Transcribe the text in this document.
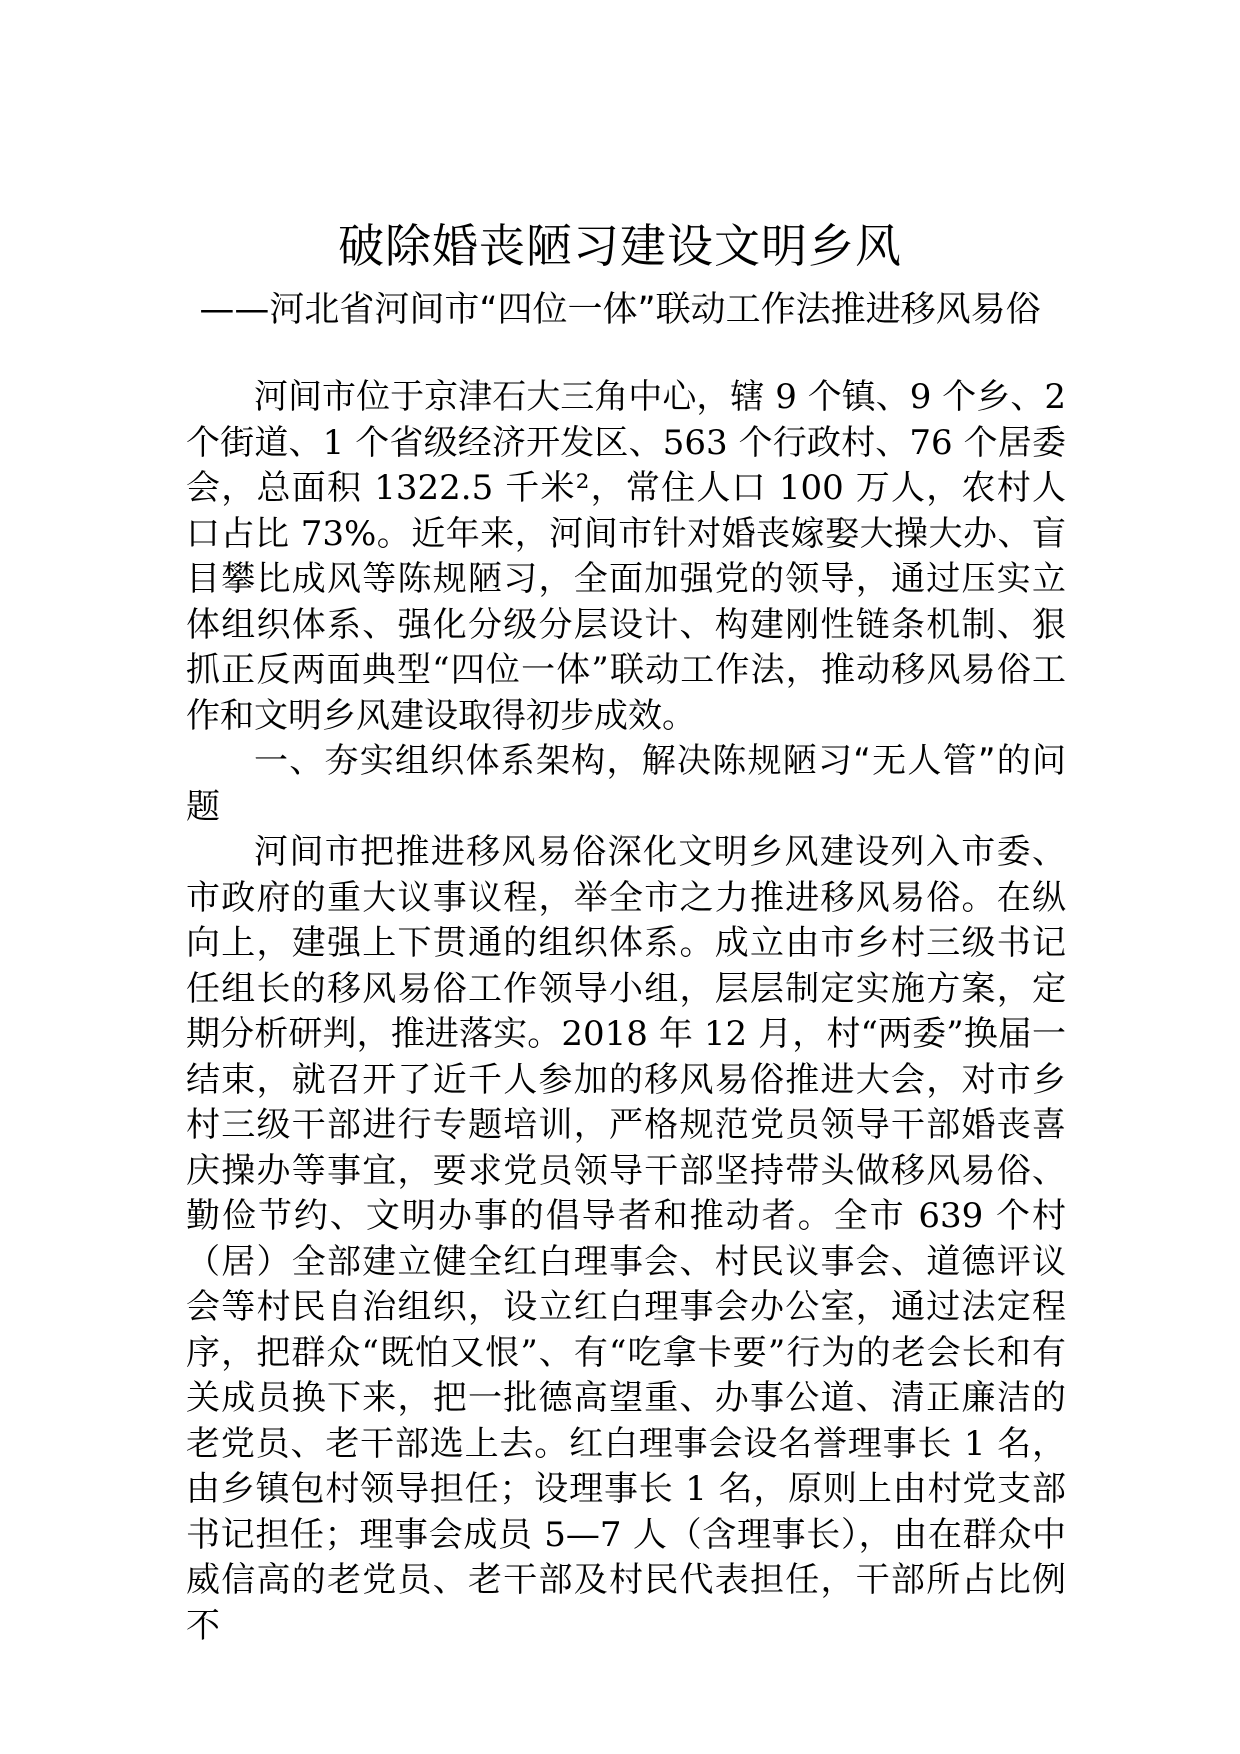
破除婚丧陋习建设文明乡风
——河北省河间市“四位一体”联动工作法推进移风易俗

河间市位于京津石大三角中心，辖 9 个镇、9 个乡、2 个街道、1 个省级经济开发区、563 个行政村、76 个居委会，总面积 1322.5 千米²，常住人口 100 万人，农村人口占比 73%。近年来，河间市针对婚丧嫁娶大操大办、盲目攀比成风等陈规陋习，全面加强党的领导，通过压实立体组织体系、强化分级分层设计、构建刚性链条机制、狠抓正反两面典型“四位一体”联动工作法，推动移风易俗工作和文明乡风建设取得初步成效。

一、夯实组织体系架构，解决陈规陋习“无人管”的问题

河间市把推进移风易俗深化文明乡风建设列入市委、市政府的重大议事议程，举全市之力推进移风易俗。在纵向上，建强上下贯通的组织体系。成立由市乡村三级书记任组长的移风易俗工作领导小组，层层制定实施方案，定期分析研判，推进落实。2018 年 12 月，村“两委”换届一结束，就召开了近千人参加的移风易俗推进大会，对市乡村三级干部进行专题培训，严格规范党员领导干部婚丧喜庆操办等事宜，要求党员领导干部坚持带头做移风易俗、勤俭节约、文明办事的倡导者和推动者。全市 639 个村（居）全部建立健全红白理事会、村民议事会、道德评议会等村民自治组织，设立红白理事会办公室，通过法定程序，把群众“既怕又恨”、有“吃拿卡要”行为的老会长和有关成员换下来，把一批德高望重、办事公道、清正廉洁的老党员、老干部选上去。红白理事会设名誉理事长 1 名，由乡镇包村领导担任；设理事长 1 名，原则上由村党支部书记担任；理事会成员 5—7 人（含理事长），由在群众中威信高的老党员、老干部及村民代表担任，干部所占比例不
